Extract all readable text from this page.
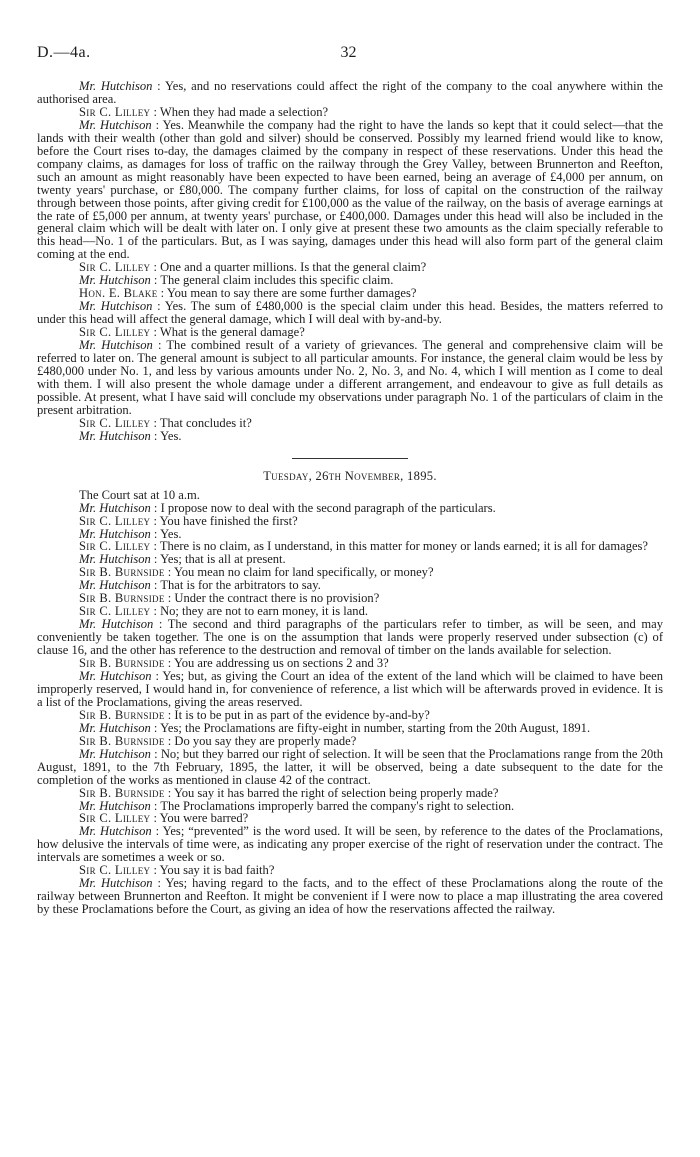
D.—4a.	32

Mr. Hutchison : Yes, and no reservations could affect the right of the company to the coal anywhere within the authorised area.

Sir C. Lilley : When they had made a selection?

Mr. Hutchison : Yes. Meanwhile the company had the right to have the lands so kept that it could select—that the lands with their wealth (other than gold and silver) should be conserved. Possibly my learned friend would like to know, before the Court rises to-day, the damages claimed by the company in respect of these reservations. Under this head the company claims, as damages for loss of traffic on the railway through the Grey Valley, between Brunnerton and Reefton, such an amount as might reasonably have been expected to have been earned, being an average of £4,000 per annum, on twenty years' purchase, or £80,000. The company further claims, for loss of capital on the construction of the railway through between those points, after giving credit for £100,000 as the value of the railway, on the basis of average earnings at the rate of £5,000 per annum, at twenty years' purchase, or £400,000. Damages under this head will also be included in the general claim which will be dealt with later on. I only give at present these two amounts as the claim specially referable to this head—No. 1 of the particulars. But, as I was saying, damages under this head will also form part of the general claim coming at the end.

Sir C. Lilley : One and a quarter millions. Is that the general claim?

Mr. Hutchison : The general claim includes this specific claim.

Hon. E. Blake : You mean to say there are some further damages?

Mr. Hutchison : Yes. The sum of £480,000 is the special claim under this head. Besides, the matters referred to under this head will affect the general damage, which I will deal with by-and-by.

Sir C. Lilley : What is the general damage?

Mr. Hutchison : The combined result of a variety of grievances. The general and comprehensive claim will be referred to later on. The general amount is subject to all particular amounts. For instance, the general claim would be less by £480,000 under No. 1, and less by various amounts under No. 2, No. 3, and No. 4, which I will mention as I come to deal with them. I will also present the whole damage under a different arrangement, and endeavour to give as full details as possible. At present, what I have said will conclude my observations under paragraph No. 1 of the particulars of claim in the present arbitration.

Sir C. Lilley : That concludes it?

Mr. Hutchison : Yes.

Tuesday, 26th November, 1895.

The Court sat at 10 a.m.

Mr. Hutchison : I propose now to deal with the second paragraph of the particulars.

Sir C. Lilley : You have finished the first?

Mr. Hutchison : Yes.

Sir C. Lilley : There is no claim, as I understand, in this matter for money or lands earned; it is all for damages?

Mr. Hutchison : Yes; that is all at present.

Sir B. Burnside : You mean no claim for land specifically, or money?

Mr. Hutchison : That is for the arbitrators to say.

Sir B. Burnside : Under the contract there is no provision?

Sir C. Lilley : No; they are not to earn money, it is land.

Mr. Hutchison : The second and third paragraphs of the particulars refer to timber, as will be seen, and may conveniently be taken together. The one is on the assumption that lands were properly reserved under subsection (c) of clause 16, and the other has reference to the destruction and removal of timber on the lands available for selection.

Sir B. Burnside : You are addressing us on sections 2 and 3?

Mr. Hutchison : Yes; but, as giving the Court an idea of the extent of the land which will be claimed to have been improperly reserved, I would hand in, for convenience of reference, a list which will be afterwards proved in evidence. It is a list of the Proclamations, giving the areas reserved.

Sir B. Burnside : It is to be put in as part of the evidence by-and-by?

Mr. Hutchison : Yes; the Proclamations are fifty-eight in number, starting from the 20th August, 1891.

Sir B. Burnside : Do you say they are properly made?

Mr. Hutchison : No; but they barred our right of selection. It will be seen that the Proclamations range from the 20th August, 1891, to the 7th February, 1895, the latter, it will be observed, being a date subsequent to the date for the completion of the works as mentioned in clause 42 of the contract.

Sir B. Burnside : You say it has barred the right of selection being properly made?

Mr. Hutchison : The Proclamations improperly barred the company's right to selection.

Sir C. Lilley : You were barred?

Mr. Hutchison : Yes; “prevented” is the word used. It will be seen, by reference to the dates of the Proclamations, how delusive the intervals of time were, as indicating any proper exercise of the right of reservation under the contract. The intervals are sometimes a week or so.

Sir C. Lilley : You say it is bad faith?

Mr. Hutchison : Yes; having regard to the facts, and to the effect of these Proclamations along the route of the railway between Brunnerton and Reefton. It might be convenient if I were now to place a map illustrating the area covered by these Proclamations before the Court, as giving an idea of how the reservations affected the railway.
